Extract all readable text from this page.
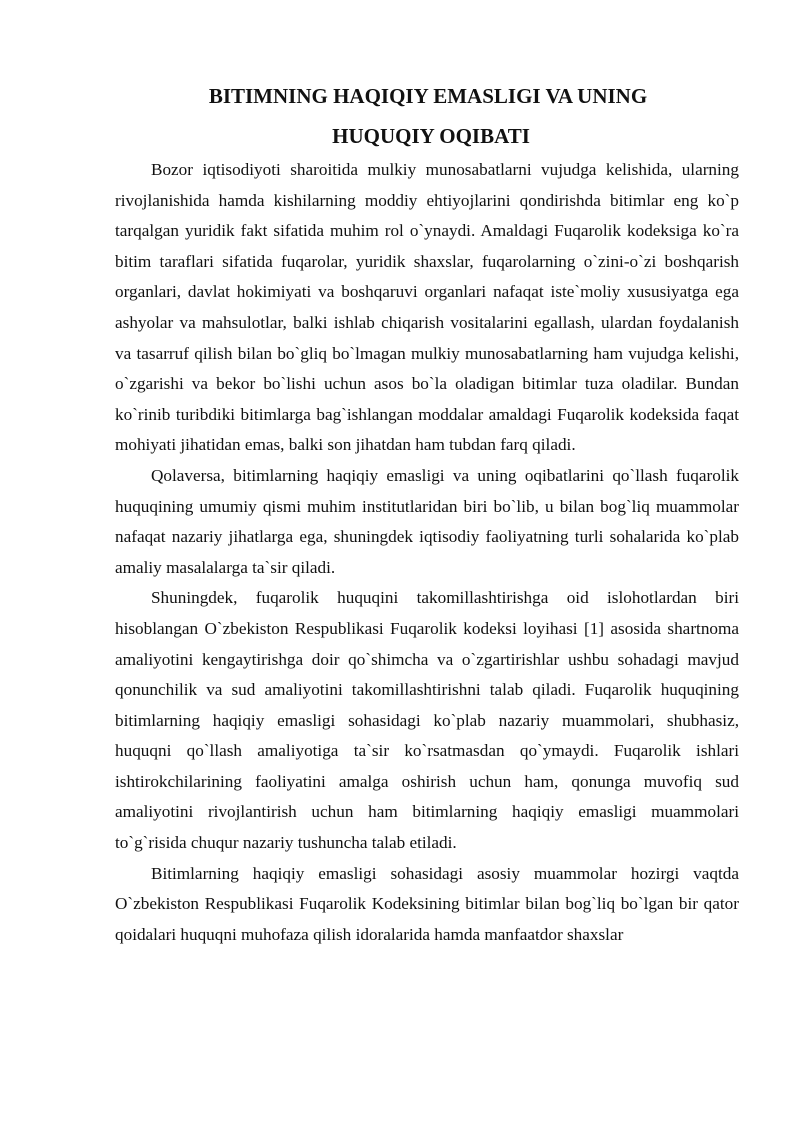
BITIMNING HAQIQIY EMASLIGI VA UNING
HUQUQIY OQIBATI

Bozor iqtisodiyoti sharoitida mulkiy munosabatlarni vujudga kelishida, ularning rivojlanishida hamda kishilarning moddiy ehtiyojlarini qondirishda bitimlar eng ko`p tarqalgan yuridik fakt sifatida muhim rol o`ynaydi. Amaldagi Fuqarolik kodeksiga ko`ra bitim taraflari sifatida fuqarolar, yuridik shaxslar, fuqarolarning o`zini-o`zi boshqarish organlari, davlat hokimiyati va boshqaruvi organlari nafaqat iste`moliy xususiyatga ega ashyolar va mahsulotlar, balki ishlab chiqarish vositalarini egallash, ulardan foydalanish va tasarruf qilish bilan bo`gliq bo`lmagan mulkiy munosabatlarning ham vujudga kelishi, o`zgarishi va bekor bo`lishi uchun asos bo`la oladigan bitimlar tuza oladilar. Bundan ko`rinib turibdiki bitimlarga bag`ishlangan moddalar amaldagi Fuqarolik kodeksida faqat mohiyati jihatidan emas, balki son jihatdan ham tubdan farq qiladi.

Qolaversa, bitimlarning haqiqiy emasligi va uning oqibatlarini qo`llash fuqarolik huquqining umumiy qismi muhim institutlaridan biri bo`lib, u bilan bog`liq muammolar nafaqat nazariy jihatlarga ega, shuningdek iqtisodiy faoliyatning turli sohalarida ko`plab amaliy masalalarga ta`sir qiladi.

Shuningdek, fuqarolik huquqini takomillashtirishga oid islohotlardan biri hisoblangan O`zbekiston Respublikasi Fuqarolik kodeksi loyihasi [1] asosida shartnoma amaliyotini kengaytirishga doir qo`shimcha va o`zgartirishlar ushbu sohadagi mavjud qonunchilik va sud amaliyotini takomillashtirishni talab qiladi. Fuqarolik huquqining bitimlarning haqiqiy emasligi sohasidagi ko`plab nazariy muammolari, shubhasiz, huquqni qo`llash amaliyotiga ta`sir ko`rsatmasdan qo`ymaydi. Fuqarolik ishlari ishtirokchilarining faoliyatini amalga oshirish uchun ham, qonunga muvofiq sud amaliyotini rivojlantirish uchun ham bitimlarning haqiqiy emasligi muammolari to`g`risida chuqur nazariy tushuncha talab etiladi.

Bitimlarning haqiqiy emasligi sohasidagi asosiy muammolar hozirgi vaqtda O`zbekiston Respublikasi Fuqarolik Kodeksining bitimlar bilan bog`liq bo`lgan bir qator qoidalari huquqni muhofaza qilish idoralarida hamda manfaatdor shaxslar
